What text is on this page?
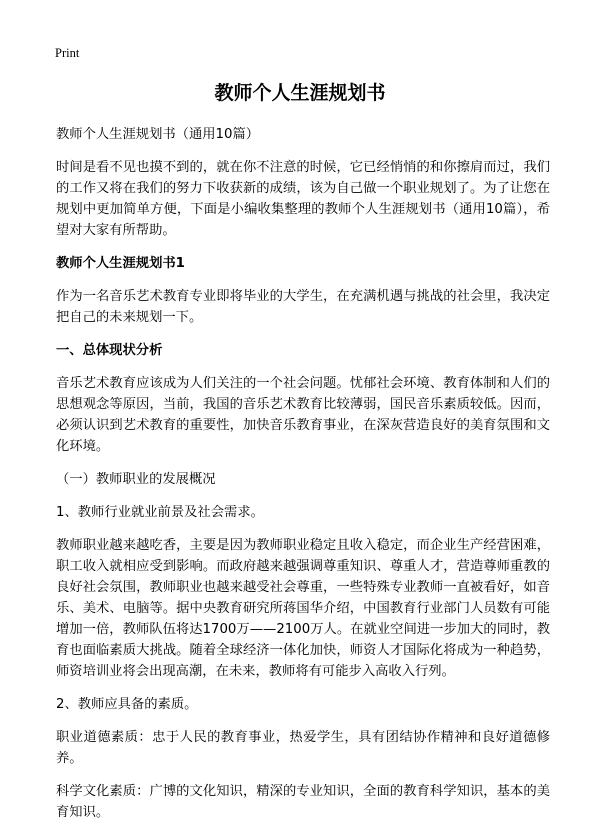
Print
教师个人生涯规划书

教师个人生涯规划书（通用10篇）

时间是看不见也摸不到的，就在你不注意的时候，它已经悄悄的和你擦肩而过，我们的工作又将在我们的努力下收获新的成绩，该为自己做一个职业规划了。为了让您在规划中更加简单方便，下面是小编收集整理的教师个人生涯规划书（通用10篇），希望对大家有所帮助。

教师个人生涯规划书1

作为一名音乐艺术教育专业即将毕业的大学生，在充满机遇与挑战的社会里，我决定把自己的未来规划一下。

一、总体现状分析

音乐艺术教育应该成为人们关注的一个社会问题。忧郁社会环境、教育体制和人们的思想观念等原因，当前，我国的音乐艺术教育比较薄弱，国民音乐素质较低。因而，必须认识到艺术教育的重要性，加快音乐教育事业，在深灰营造良好的美育氛围和文化环境。

（一）教师职业的发展概况

1、教师行业就业前景及社会需求。

教师职业越来越吃香，主要是因为教师职业稳定且收入稳定，而企业生产经营困难，职工收入就相应受到影响。而政府越来越强调尊重知识、尊重人才，营造尊师重教的良好社会氛围，教师职业也越来越受社会尊重，一些特殊专业教师一直被看好，如音乐、美术、电脑等。据中央教育研究所蒋国华介绍，中国教育行业部门人员数有可能增加一倍，教师队伍将达1700万——2100万人。在就业空间进一步加大的同时，教育也面临素质大挑战。随着全球经济一体化加快，师资人才国际化将成为一种趋势，师资培训业将会出现高潮，在未来，教师将有可能步入高收入行列。

2、教师应具备的素质。

职业道德素质：忠于人民的教育事业，热爱学生，具有团结协作精神和良好道德修养。

科学文化素质：广博的文化知识，精深的专业知识，全面的教育科学知识，基本的美育知识。
